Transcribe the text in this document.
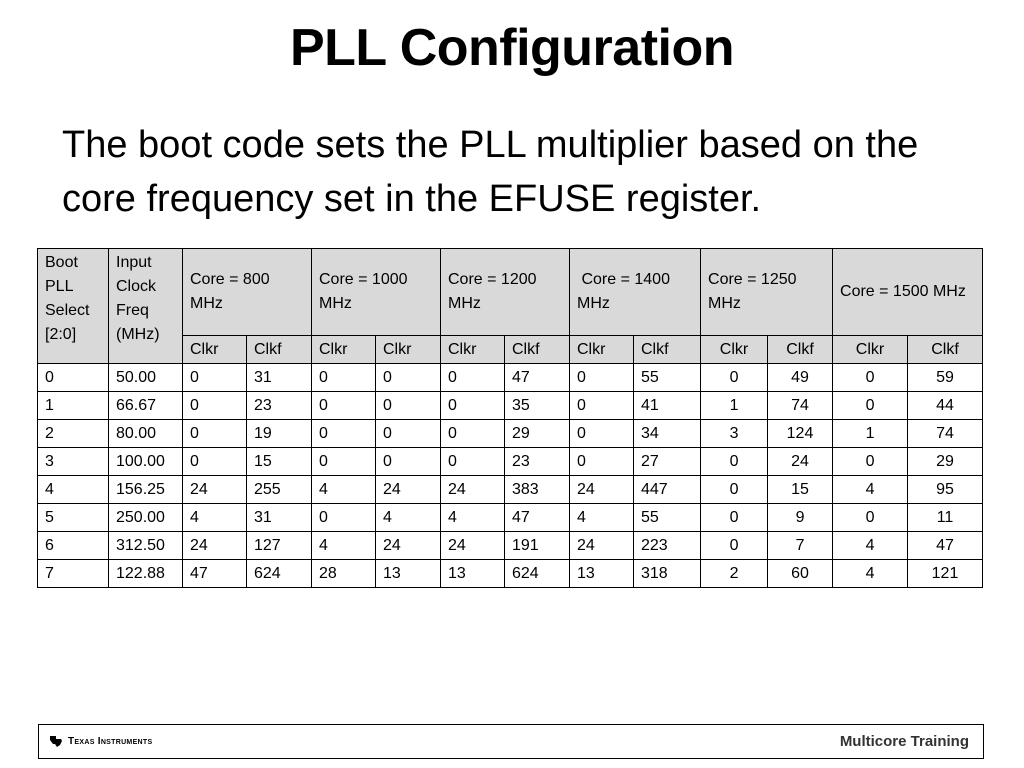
PLL Configuration
The boot code sets the PLL multiplier based on the core frequency set in the EFUSE register.
Boot
PLL
Select
[2:0]	Input
Clock
Freq
(MHz)	Core = 800 MHz		Core = 1000 MHz		Core = 1200 MHz		Core = 1400 MHz		Core = 1250 MHz		Core = 1500 MHz	
		Clkr	Clkf	Clkr	Clkr	Clkr	Clkf	Clkr	Clkf	Clkr	Clkf	Clkr	Clkf
0	50.00	0	31	0	0	0	47	0	55	0	49	0	59
1	66.67	0	23	0	0	0	35	0	41	1	74	0	44
2	80.00	0	19	0	0	0	29	0	34	3	124	1	74
3	100.00	0	15	0	0	0	23	0	27	0	24	0	29
4	156.25	24	255	4	24	24	383	24	447	0	15	4	95
5	250.00	4	31	0	4	4	47	4	55	0	9	0	11
6	312.50	24	127	4	24	24	191	24	223	0	7	4	47
7	122.88	47	624	28	13	13	624	13	318	2	60	4	121
Texas Instruments	Multicore Training
